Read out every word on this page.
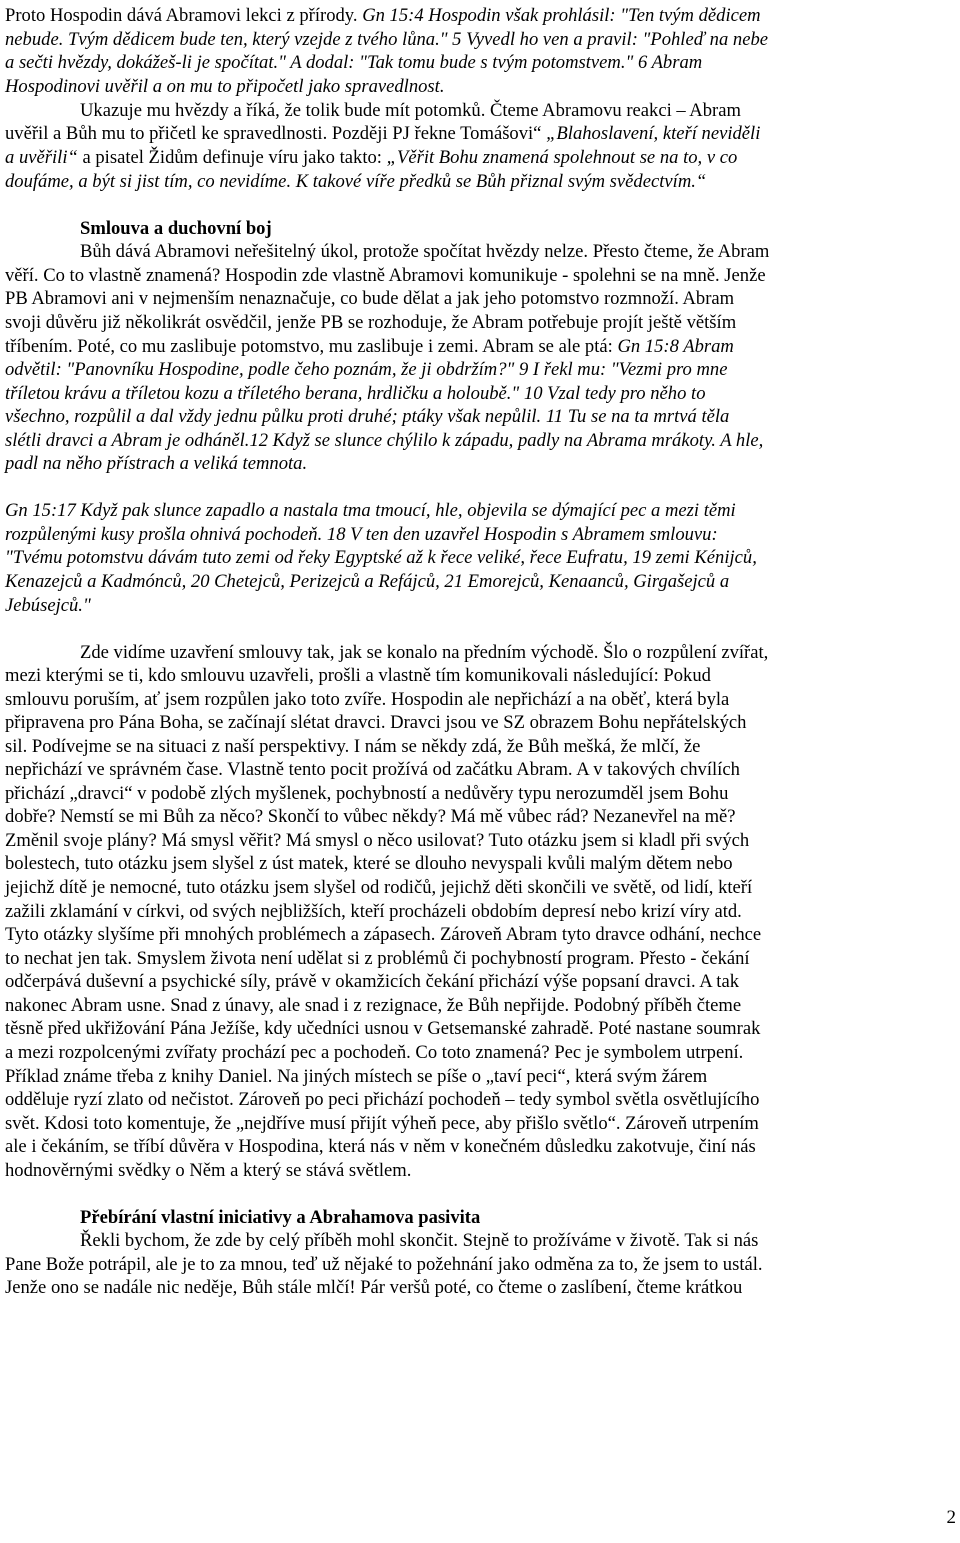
Proto Hospodin dává Abramovi lekci z přírody. Gn 15:4 Hospodin však prohlásil: "Ten tvým dědicem
nebude. Tvým dědicem bude ten, který vzejde z tvého lůna." 5 Vyvedl ho ven a pravil: "Pohleď na nebe
a sečti hvězdy, dokážeš-li je spočítat." A dodal: "Tak tomu bude s tvým potomstvem." 6 Abram
Hospodinovi uvěřil a on mu to připočetl jako spravedlnost.
Ukazuje mu hvězdy a říká, že tolik bude mít potomků. Čteme Abramovu reakci – Abram
uvěřil a Bůh mu to přičetl ke spravedlnosti. Později PJ řekne Tomášovi“ „Blahoslavení, kteří neviděli
a uvěřili“ a pisatel Židům definuje víru jako takto: „Věřit Bohu znamená spolehnout se na to, v co
doufáme, a být si jist tím, co nevidíme. K takové víře předků se Bůh přiznal svým svědectvím.“
Smlouva a duchovní boj
Bůh dává Abramovi neřešitelný úkol, protože spočítat hvězdy nelze. Přesto čteme, že Abram
věří. Co to vlastně znamená? Hospodin zde vlastně Abramovi komunikuje - spolehni se na mně. Jenže
PB Abramovi ani v nejmenším nenaznačuje, co bude dělat a jak jeho potomstvo rozmnoží. Abram
svoji důvěru již několikrát osvědčil, jenže PB se rozhoduje, že Abram potřebuje projít ještě větším
tříbením. Poté, co mu zaslibuje potomstvo, mu zaslibuje i zemi. Abram se ale ptá: Gn 15:8 Abram
odvětil: "Panovníku Hospodine, podle čeho poznám, že ji obdržím?" 9 I řekl mu: "Vezmi pro mne
tříletou krávu a tříletou kozu a tříletého berana, hrdličku a holoubě." 10 Vzal tedy pro něho to
všechno, rozpůlil a dal vždy jednu půlku proti druhé; ptáky však nepůlil. 11 Tu se na ta mrtvá těla
slétli dravci a Abram je odháněl.12 Když se slunce chýlilo k západu, padly na Abrama mrákoty. A hle,
padl na něho přístrach a veliká temnota.
Gn 15:17 Když pak slunce zapadlo a nastala tma tmoucí, hle, objevila se dýmající pec a mezi těmi
rozpůlenými kusy prošla ohnivá pochodeň. 18 V ten den uzavřel Hospodin s Abramem smlouvu:
"Tvému potomstvu dávám tuto zemi od řeky Egyptské až k řece veliké, řece Eufratu, 19 zemi Kénijců,
Kenazejců a Kadmónců, 20 Chetejců, Perizejců a Refájců, 21 Emorejců, Kenaanců, Girgašejců a
Jebúsejců."
Zde vidíme uzavření smlouvy tak, jak se konalo na předním východě. Šlo o rozpůlení zvířat,
mezi kterými se ti, kdo smlouvu uzavřeli, prošli a vlastně tím komunikovali následující: Pokud
smlouvu poruším, ať jsem rozpůlen jako toto zvíře. Hospodin ale nepřichází a na oběť, která byla
připravena pro Pána Boha, se začínají slétat dravci. Dravci jsou ve SZ obrazem Bohu nepřátelských
sil. Podívejme se na situaci z naší perspektivy. I nám se někdy zdá, že Bůh mešká, že mlčí, že
nepřichází ve správném čase. Vlastně tento pocit prožívá od začátku Abram. A v takových chvílích
přichází „dravci“ v podobě zlých myšlenek, pochybností a nedůvěry typu nerozumděl jsem Bohu
dobře? Nemstí se mi Bůh za něco? Skončí to vůbec někdy? Má mě vůbec rád? Nezanevřel na mě?
Změnil svoje plány? Má smysl věřit? Má smysl o něco usilovat? Tuto otázku jsem si kladl při svých
bolestech, tuto otázku jsem slyšel z úst matek, které se dlouho nevyspali kvůli malým dětem nebo
jejichž dítě je nemocné, tuto otázku jsem slyšel od rodičů, jejichž děti skončili ve světě, od lidí, kteří
zažili zklamání v církvi, od svých nejbližších, kteří procházeli obdobím depresí nebo krizí víry atd.
Tyto otázky slyšíme při mnohých problémech a zápasech. Zároveň Abram tyto dravce odhání, nechce
to nechat jen tak. Smyslem života není udělat si z problémů či pochybností program. Přesto - čekání
odčerpává duševní a psychické síly, právě v okamžicích čekání přichází výše popsaní dravci. A tak
nakonec Abram usne. Snad z únavy, ale snad i z rezignace, že Bůh nepřijde. Podobný příběh čteme
těsně před ukřižování Pána Ježíše, kdy učedníci usnou v Getsemanské zahradě. Poté nastane soumrak
a mezi rozpolcenými zvířaty prochází pec a pochodeň. Co toto znamená? Pec je symbolem utrpení.
Příklad známe třeba z knihy Daniel. Na jiných místech se píše o „taví peci“, která svým žárem
odděluje ryzí zlato od nečistot. Zároveň po peci přichází pochodeň – tedy symbol světla osvětlujícího
svět. Kdosi toto komentuje, že „nejdříve musí přijít výheň pece, aby přišlo světlo“. Zároveň utrpením
ale i čekáním, se tříbí důvěra v Hospodina, která nás v něm v konečném důsledku zakotvuje, činí nás
hodnověrnými svědky o Něm a který se stává světlem.
Přebírání vlastní iniciativy a Abrahamova pasivita
Řekli bychom, že zde by celý příběh mohl skončit. Stejně to prožíváme v životě. Tak si nás
Pane Bože potrápil, ale je to za mnou, teď už nějaké to požehnání jako odměna za to, že jsem to ustál.
Jenže ono se nadále nic neděje, Bůh stále mlčí! Pár veršů poté, co čteme o zaslíbení, čteme krátkou
2
